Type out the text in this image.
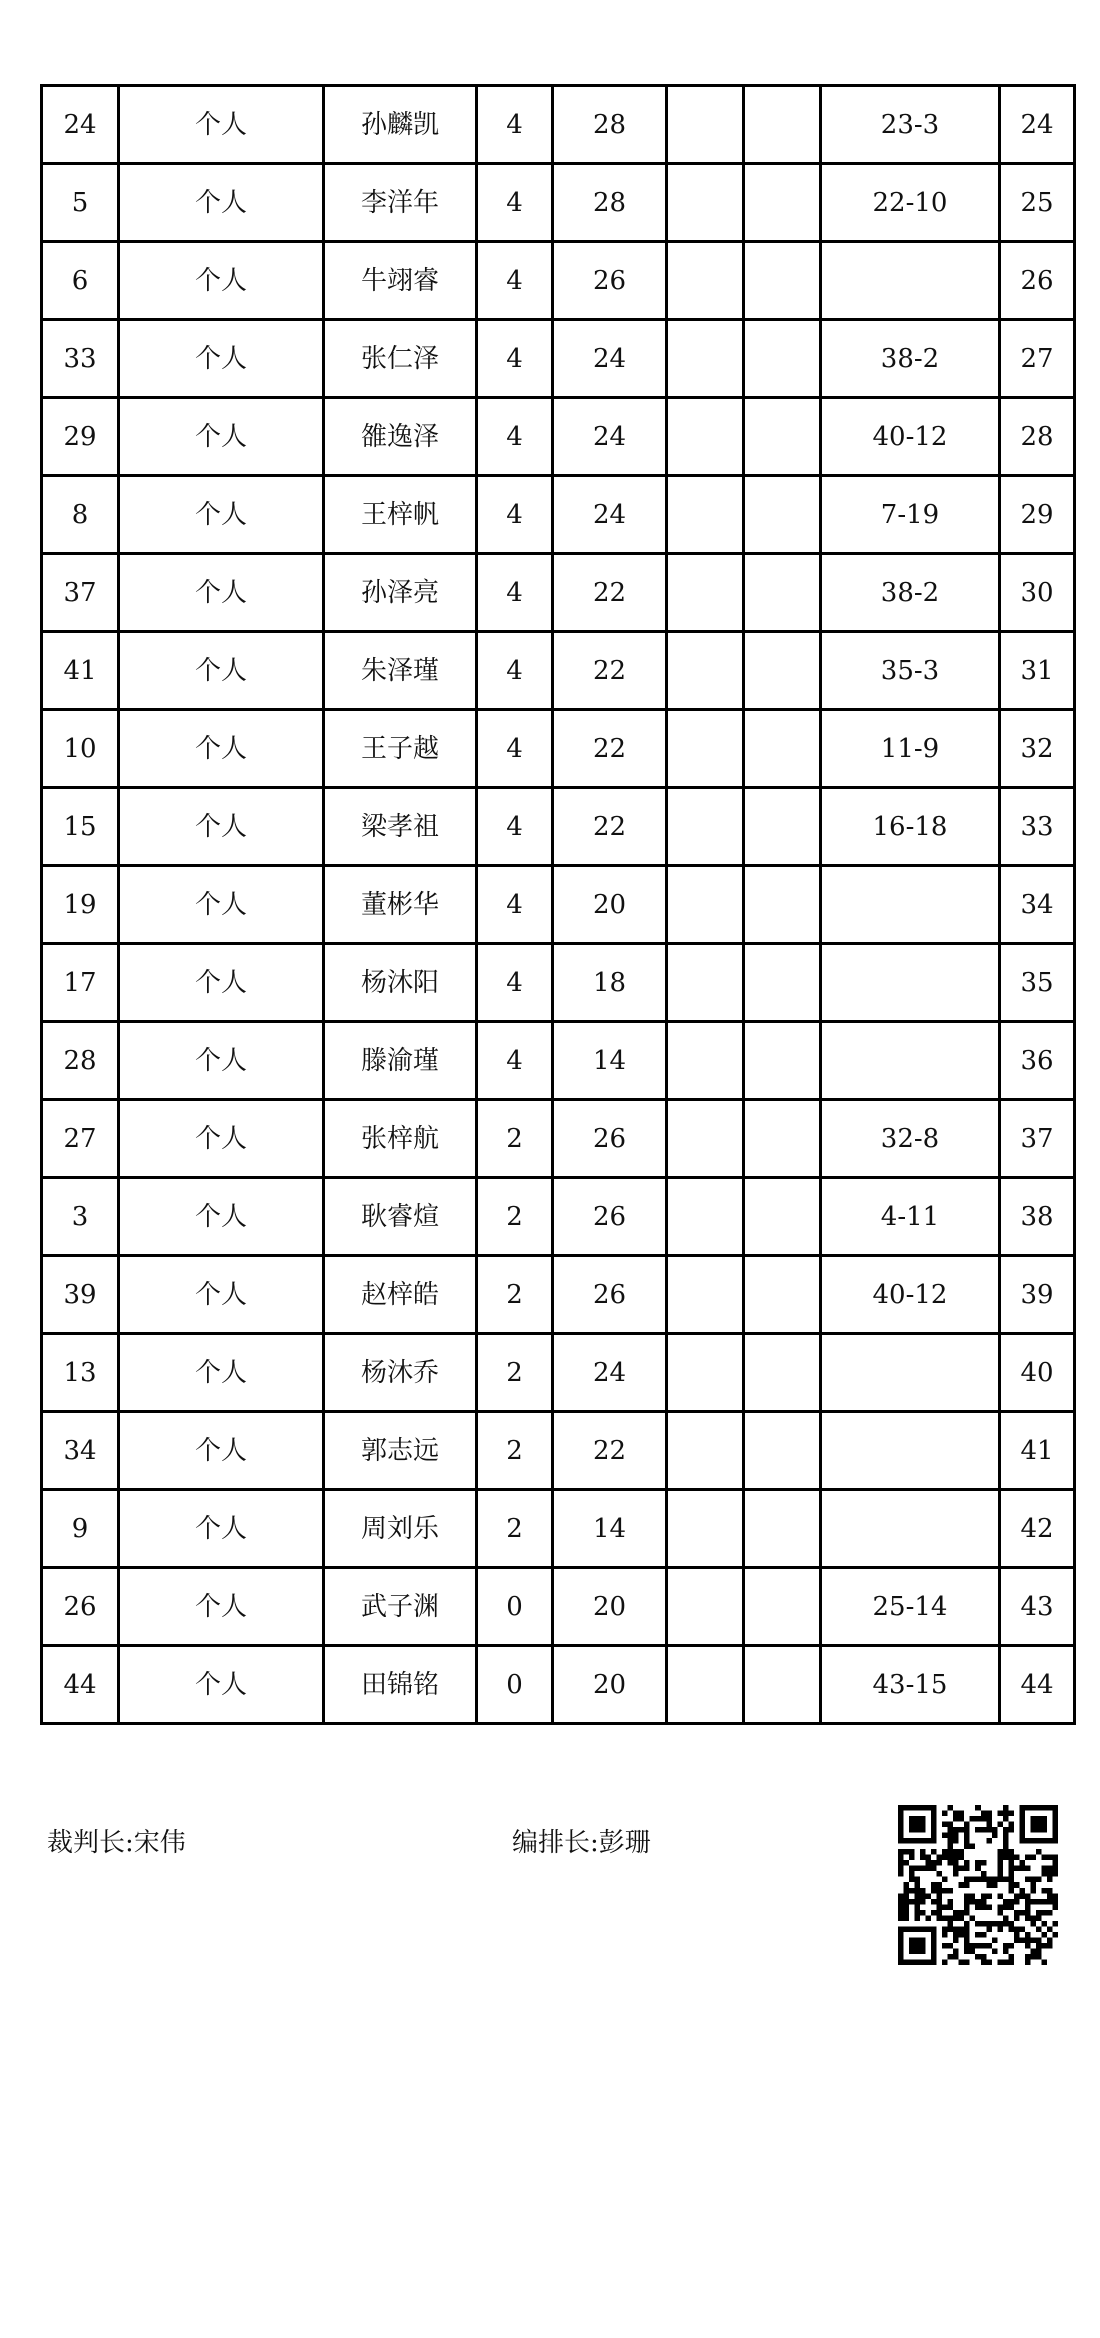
24	个人	孙麟凯	4	28			23-3	24
5	个人	李洋年	4	28			22-10	25
6	个人	牛翊睿	4	26				26
33	个人	张仁泽	4	24			38-2	27
29	个人	雒逸泽	4	24			40-12	28
8	个人	王梓帆	4	24			7-19	29
37	个人	孙泽亮	4	22			38-2	30
41	个人	朱泽瑾	4	22			35-3	31
10	个人	王子越	4	22			11-9	32
15	个人	梁孝祖	4	22			16-18	33
19	个人	董彬华	4	20				34
17	个人	杨沐阳	4	18				35
28	个人	滕渝瑾	4	14				36
27	个人	张梓航	2	26			32-8	37
3	个人	耿睿煊	2	26			4-11	38
39	个人	赵梓皓	2	26			40-12	39
13	个人	杨沐乔	2	24				40
34	个人	郭志远	2	22				41
9	个人	周刘乐	2	14				42
26	个人	武子渊	0	20			25-14	43
44	个人	田锦铭	0	20			43-15	44
裁判长:宋伟	编排长:彭珊
